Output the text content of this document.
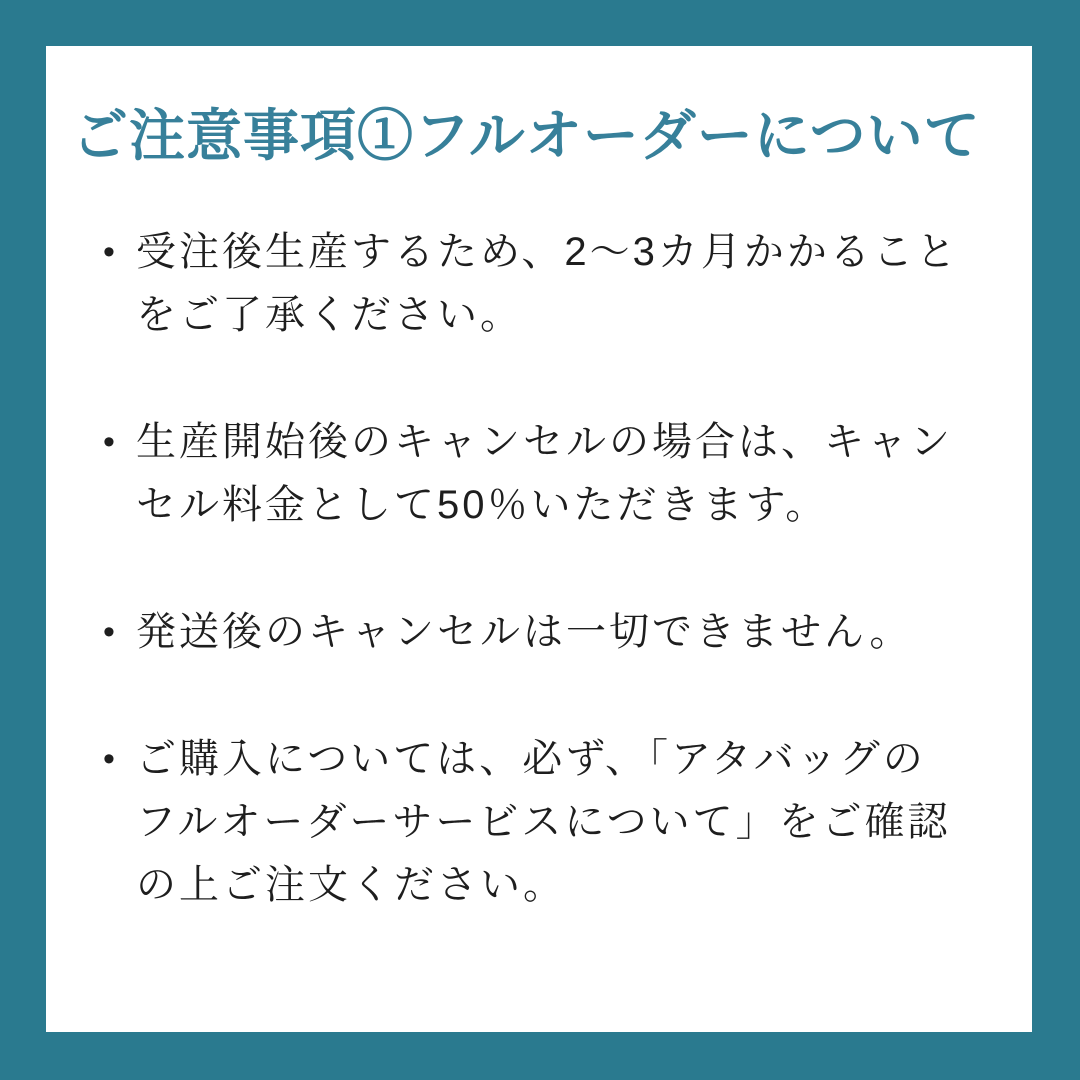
ご注意事項①フルオーダーについて
• 受注後生産するため、2〜3カ月かかること
をご了承ください。
• 生産開始後のキャンセルの場合は、キャン
セル料金として50％いただきます。
• 発送後のキャンセルは一切できません。
• ご購入については、必ず、「アタバッグの
フルオーダーサービスについて」をご確認
の上ご注文ください。
